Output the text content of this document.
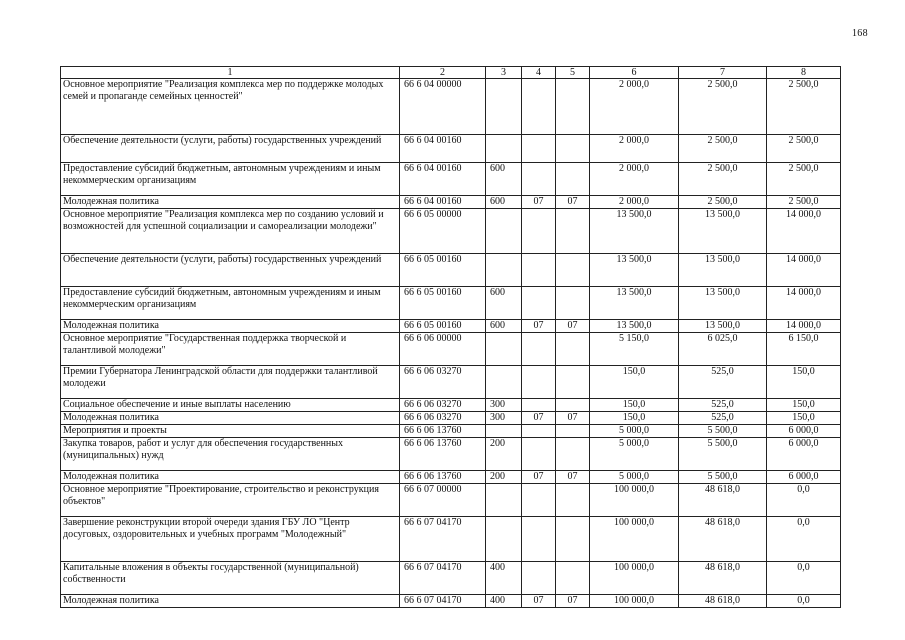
168
1	2	3	4	5	6	7	8
Основное мероприятие "Реализация комплекса мер по поддержке молодых семей и пропаганде семейных ценностей"	66 6 04 00000				2 000,0	2 500,0	2 500,0
Обеспечение деятельности (услуги, работы) государственных учреждений	66 6 04 00160				2 000,0	2 500,0	2 500,0
Предоставление субсидий бюджетным, автономным учреждениям и иным некоммерческим организациям	66 6 04 00160	600			2 000,0	2 500,0	2 500,0
Молодежная политика	66 6 04 00160	600	07	07	2 000,0	2 500,0	2 500,0
Основное мероприятие "Реализация комплекса мер по созданию условий и возможностей для успешной социализации и самореализации молодежи"	66 6 05 00000				13 500,0	13 500,0	14 000,0
Обеспечение деятельности (услуги, работы) государственных учреждений	66 6 05 00160				13 500,0	13 500,0	14 000,0
Предоставление субсидий бюджетным, автономным учреждениям и иным некоммерческим организациям	66 6 05 00160	600			13 500,0	13 500,0	14 000,0
Молодежная политика	66 6 05 00160	600	07	07	13 500,0	13 500,0	14 000,0
Основное мероприятие "Государственная поддержка творческой и талантливой молодежи"	66 6 06 00000				5 150,0	6 025,0	6 150,0
Премии Губернатора Ленинградской области для поддержки талантливой молодежи	66 6 06 03270				150,0	525,0	150,0
Социальное обеспечение и иные выплаты населению	66 6 06 03270	300			150,0	525,0	150,0
Молодежная политика	66 6 06 03270	300	07	07	150,0	525,0	150,0
Мероприятия и проекты	66 6 06 13760				5 000,0	5 500,0	6 000,0
Закупка товаров, работ и услуг для обеспечения государственных (муниципальных) нужд	66 6 06 13760	200			5 000,0	5 500,0	6 000,0
Молодежная политика	66 6 06 13760	200	07	07	5 000,0	5 500,0	6 000,0
Основное мероприятие "Проектирование, строительство и реконструкция объектов"	66 6 07 00000				100 000,0	48 618,0	0,0
Завершение реконструкции второй очереди здания ГБУ ЛО "Центр досуговых, оздоровительных и учебных программ "Молодежный"	66 6 07 04170				100 000,0	48 618,0	0,0
Капитальные вложения в объекты государственной (муниципальной) собственности	66 6 07 04170	400			100 000,0	48 618,0	0,0
Молодежная политика	66 6 07 04170	400	07	07	100 000,0	48 618,0	0,0
